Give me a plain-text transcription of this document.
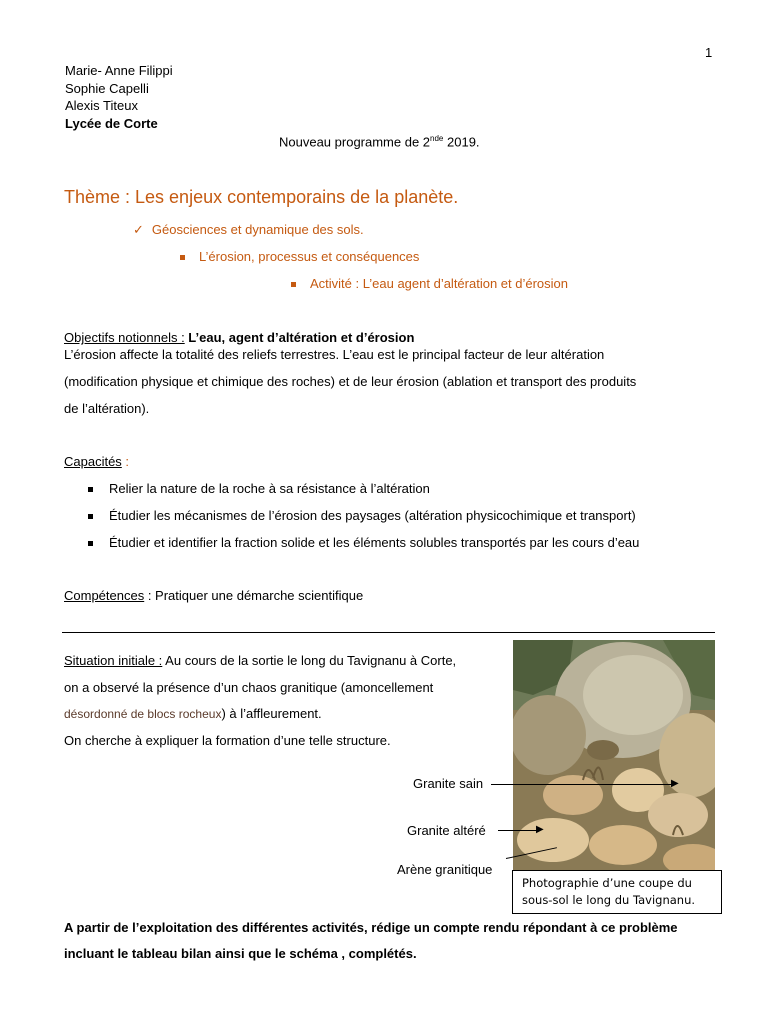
1
Marie- Anne Filippi
Sophie Capelli
Alexis Titeux
Lycée de Corte
Nouveau programme de 2nde 2019.
Thème : Les enjeux contemporains de la planète.
✓ Géosciences et dynamique des sols.
L’érosion, processus et conséquences
Activité : L’eau agent d’altération et d’érosion
Objectifs notionnels : L’eau, agent d’altération et d’érosion
L’érosion affecte la totalité des reliefs terrestres. L’eau est le principal facteur de leur altération
(modification physique et chimique des roches) et de leur érosion (ablation et transport des produits
de l’altération).
Capacités :
Relier la nature de la roche à sa résistance à l’altération
Étudier les mécanismes de l’érosion des paysages (altération physicochimique et transport)
Étudier et identifier la fraction solide et les éléments solubles transportés par les cours d’eau
Compétences : Pratiquer une démarche scientifique
Situation initiale : Au cours de la sortie le long du Tavignanu à Corte,
on a observé la présence d’un chaos granitique (amoncellement
désordonné de blocs rocheux) à l’affleurement.
On cherche à expliquer la formation d’une telle structure.
Photographie d’une coupe du
sous-sol le long du Tavignanu.
Granite sain	▶
Granite altéré	▶
Arène granitique
A partir de l’exploitation des différentes activités, rédige un compte rendu répondant à ce problème
incluant le tableau bilan ainsi que le schéma , complétés.
